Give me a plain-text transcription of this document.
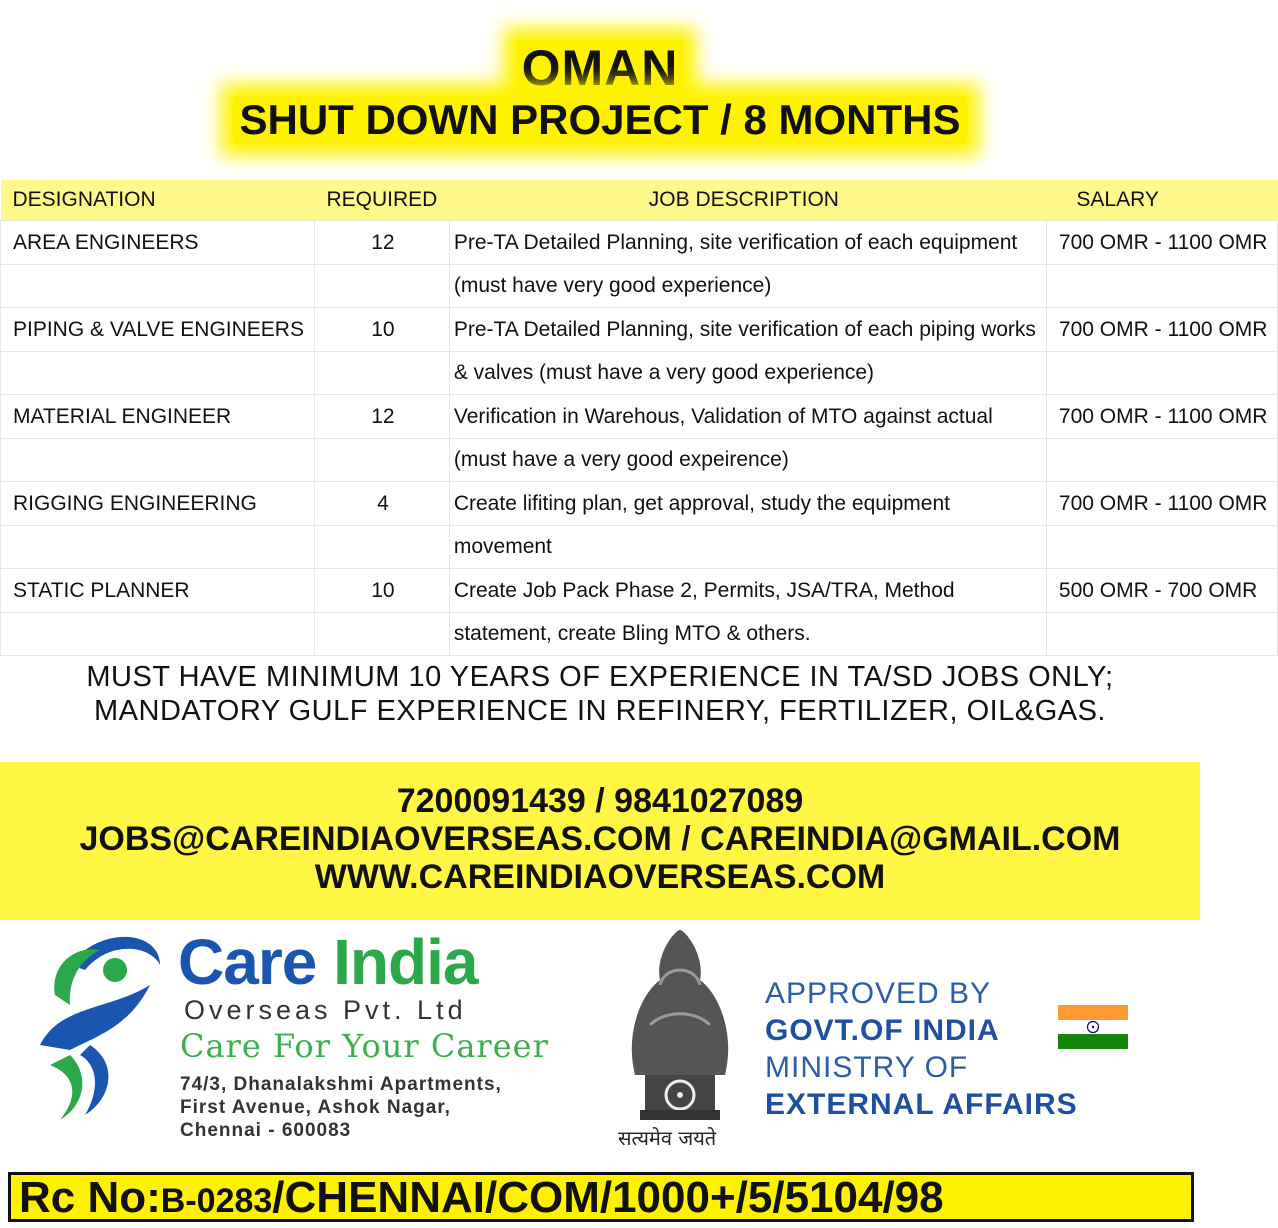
OMAN
SHUT DOWN PROJECT / 8 MONTHS
DESIGNATION	REQUIRED	JOB DESCRIPTION	SALARY
AREA ENGINEERS	12	Pre-TA Detailed Planning, site verification of each equipment	700 OMR - 1100 OMR
		(must have very good experience)	
PIPING & VALVE ENGINEERS	10	Pre-TA Detailed Planning, site verification of each piping works	700 OMR - 1100 OMR
		& valves (must have a very good experience)	
MATERIAL ENGINEER	12	Verification in Warehous, Validation of MTO against actual	700 OMR - 1100 OMR
		(must have a very good expeirence)	
RIGGING ENGINEERING	4	Create lifiting plan, get approval, study the equipment	700 OMR - 1100 OMR
		movement	
STATIC PLANNER	10	Create Job Pack Phase 2, Permits, JSA/TRA, Method	500 OMR - 700 OMR
		statement, create Bling MTO & others.	
MUST HAVE MINIMUM 10 YEARS OF EXPERIENCE IN TA/SD JOBS ONLY;
MANDATORY GULF EXPERIENCE IN REFINERY, FERTILIZER, OIL&GAS.
7200091439 / 9841027089
JOBS@CAREINDIAOVERSEAS.COM / CAREINDIA@GMAIL.COM
WWW.CAREINDIAOVERSEAS.COM
Care India
Overseas Pvt. Ltd
Care For Your Career
74/3, Dhanalakshmi Apartments,
First Avenue, Ashok Nagar,
Chennai - 600083	सत्यमेव जयते
APPROVED BY
GOVT.OF INDIA
MINISTRY OF
EXTERNAL AFFAIRS
Rc No:B-0283/CHENNAI/COM/1000+/5/5104/98
